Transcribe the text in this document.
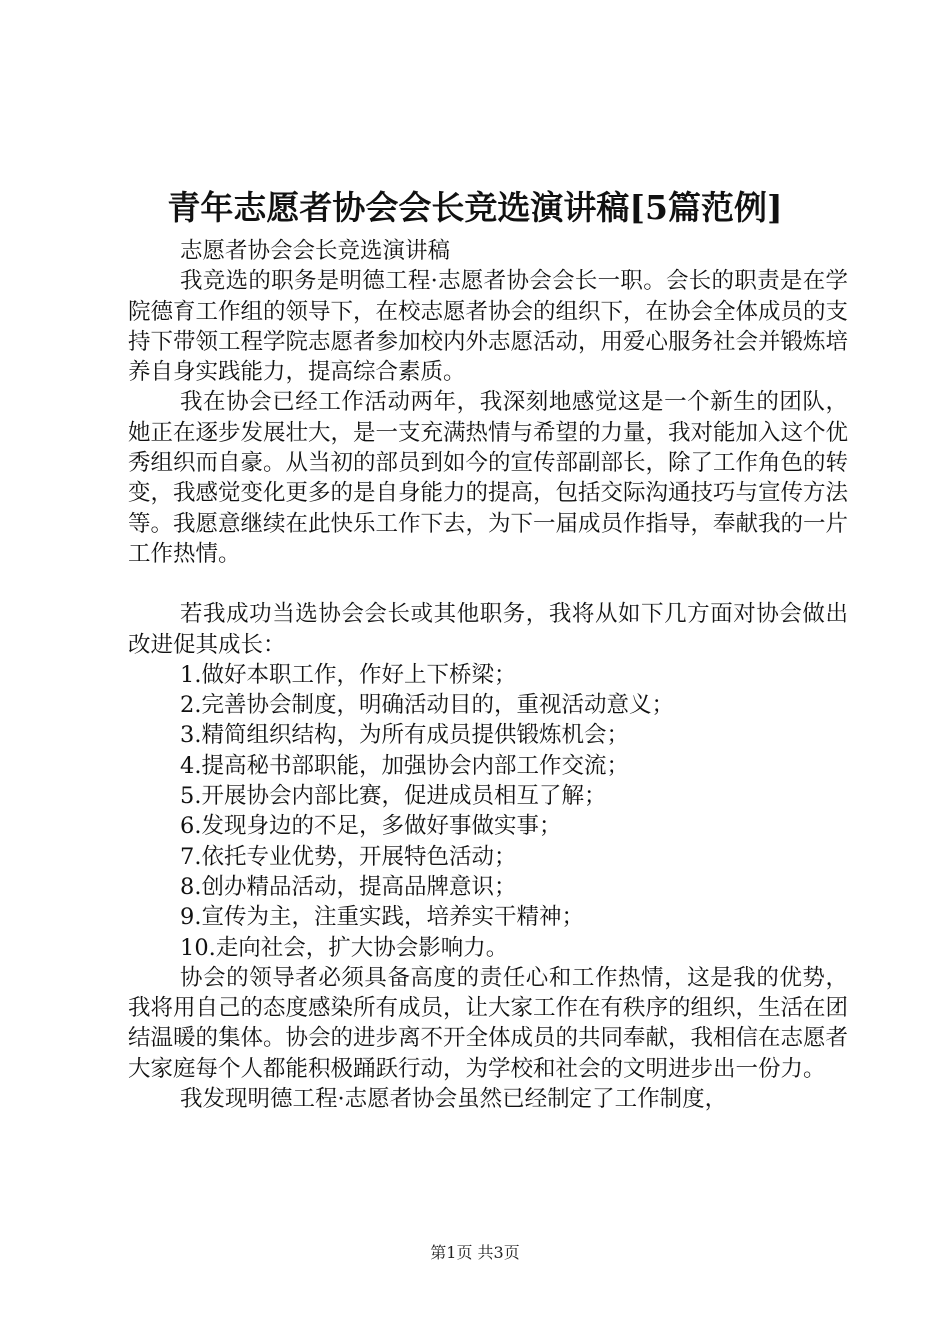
青年志愿者协会会长竞选演讲稿[5篇范例]

志愿者协会会长竞选演讲稿

我竞选的职务是明德工程·志愿者协会会长一职。会长的职责是在学院德育工作组的领导下，在校志愿者协会的组织下，在协会全体成员的支持下带领工程学院志愿者参加校内外志愿活动，用爱心服务社会并锻炼培养自身实践能力，提高综合素质。

我在协会已经工作活动两年，我深刻地感觉这是一个新生的团队，她正在逐步发展壮大，是一支充满热情与希望的力量，我对能加入这个优秀组织而自豪。从当初的部员到如今的宣传部副部长，除了工作角色的转变，我感觉变化更多的是自身能力的提高，包括交际沟通技巧与宣传方法等。我愿意继续在此快乐工作下去，为下一届成员作指导，奉献我的一片工作热情。

若我成功当选协会会长或其他职务，我将从如下几方面对协会做出改进促其成长：

1.做好本职工作，作好上下桥梁；

2.完善协会制度，明确活动目的，重视活动意义；

3.精简组织结构，为所有成员提供锻炼机会；

4.提高秘书部职能，加强协会内部工作交流；

5.开展协会内部比赛，促进成员相互了解；

6.发现身边的不足，多做好事做实事；

7.依托专业优势，开展特色活动；

8.创办精品活动，提高品牌意识；

9.宣传为主，注重实践，培养实干精神；

10.走向社会，扩大协会影响力。

协会的领导者必须具备高度的责任心和工作热情，这是我的优势，我将用自己的态度感染所有成员，让大家工作在有秩序的组织，生活在团结温暖的集体。协会的进步离不开全体成员的共同奉献，我相信在志愿者大家庭每个人都能积极踊跃行动，为学校和社会的文明进步出一份力。

我发现明德工程·志愿者协会虽然已经制定了工作制度，

第1页 共3页
